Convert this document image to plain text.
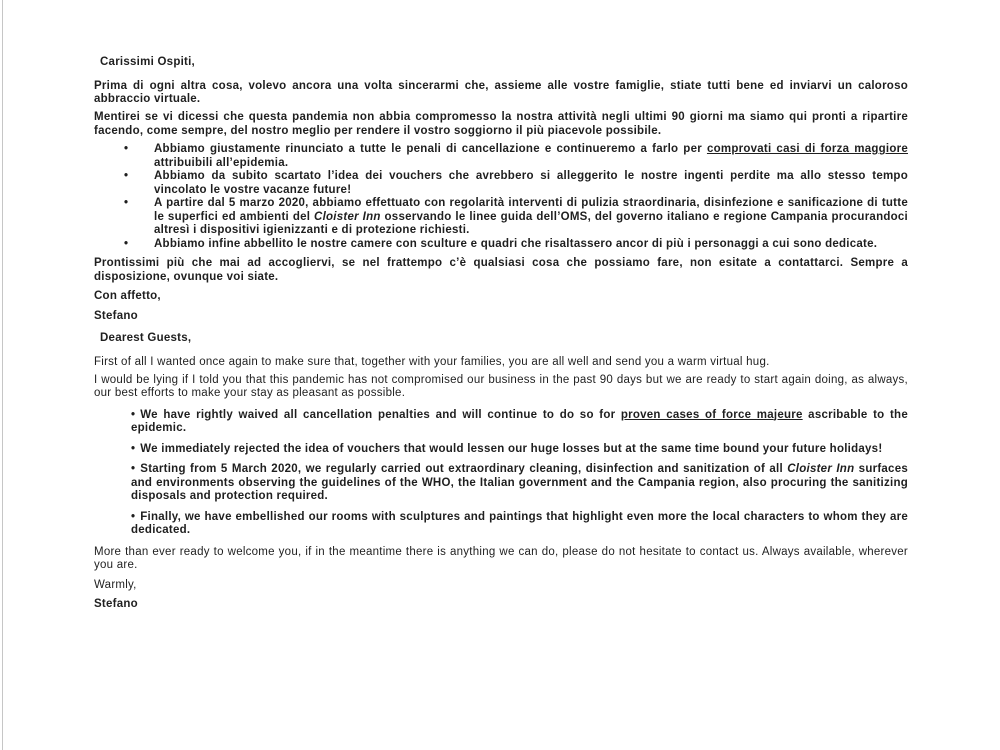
Carissimi Ospiti,

Prima di ogni altra cosa, volevo ancora una volta sincerarmi che, assieme alle vostre famiglie, stiate tutti bene ed inviarvi un caloroso abbraccio virtuale.

Mentirei se vi dicessi che questa pandemia non abbia compromesso la nostra attività negli ultimi 90 giorni ma siamo qui pronti a ripartire facendo, come sempre, del nostro meglio per rendere il vostro soggiorno il più piacevole possibile.

•	Abbiamo giustamente rinunciato a tutte le penali di cancellazione e continueremo a farlo per comprovati casi di forza maggiore attribuibili all’epidemia.
•	Abbiamo da subito scartato l’idea dei vouchers che avrebbero si alleggerito le nostre ingenti perdite ma allo stesso tempo vincolato le vostre vacanze future!
•	A partire dal 5 marzo 2020, abbiamo effettuato con regolarità interventi di pulizia straordinaria, disinfezione e sanificazione di tutte le superfici ed ambienti del Cloister Inn osservando le linee guida dell’OMS, del governo italiano e regione Campania procurandoci altresì i dispositivi igienizzanti e di protezione richiesti.
•	Abbiamo infine abbellito le nostre camere con sculture e quadri che risaltassero ancor di più i personaggi a cui sono dedicate.

Prontissimi più che mai ad accogliervi, se nel frattempo c’è qualsiasi cosa che possiamo fare, non esitate a contattarci. Sempre a disposizione, ovunque voi siate.

Con affetto,

Stefano

Dearest Guests,

First of all I wanted once again to make sure that, together with your families, you are all well and send you a warm virtual hug.

I would be lying if I told you that this pandemic has not compromised our business in the past 90 days but we are ready to start again doing, as always, our best efforts to make your stay as pleasant as possible.

• We have rightly waived all cancellation penalties and will continue to do so for proven cases of force majeure ascribable to the epidemic.

• We immediately rejected the idea of vouchers that would lessen our huge losses but at the same time bound your future holidays!

• Starting from 5 March 2020, we regularly carried out extraordinary cleaning, disinfection and sanitization of all Cloister Inn surfaces and environments observing the guidelines of the WHO, the Italian government and the Campania region, also procuring the sanitizing disposals and protection required.

• Finally, we have embellished our rooms with sculptures and paintings that highlight even more the local characters to whom they are dedicated.

More than ever ready to welcome you, if in the meantime there is anything we can do, please do not hesitate to contact us. Always available, wherever you are.

Warmly,

Stefano
